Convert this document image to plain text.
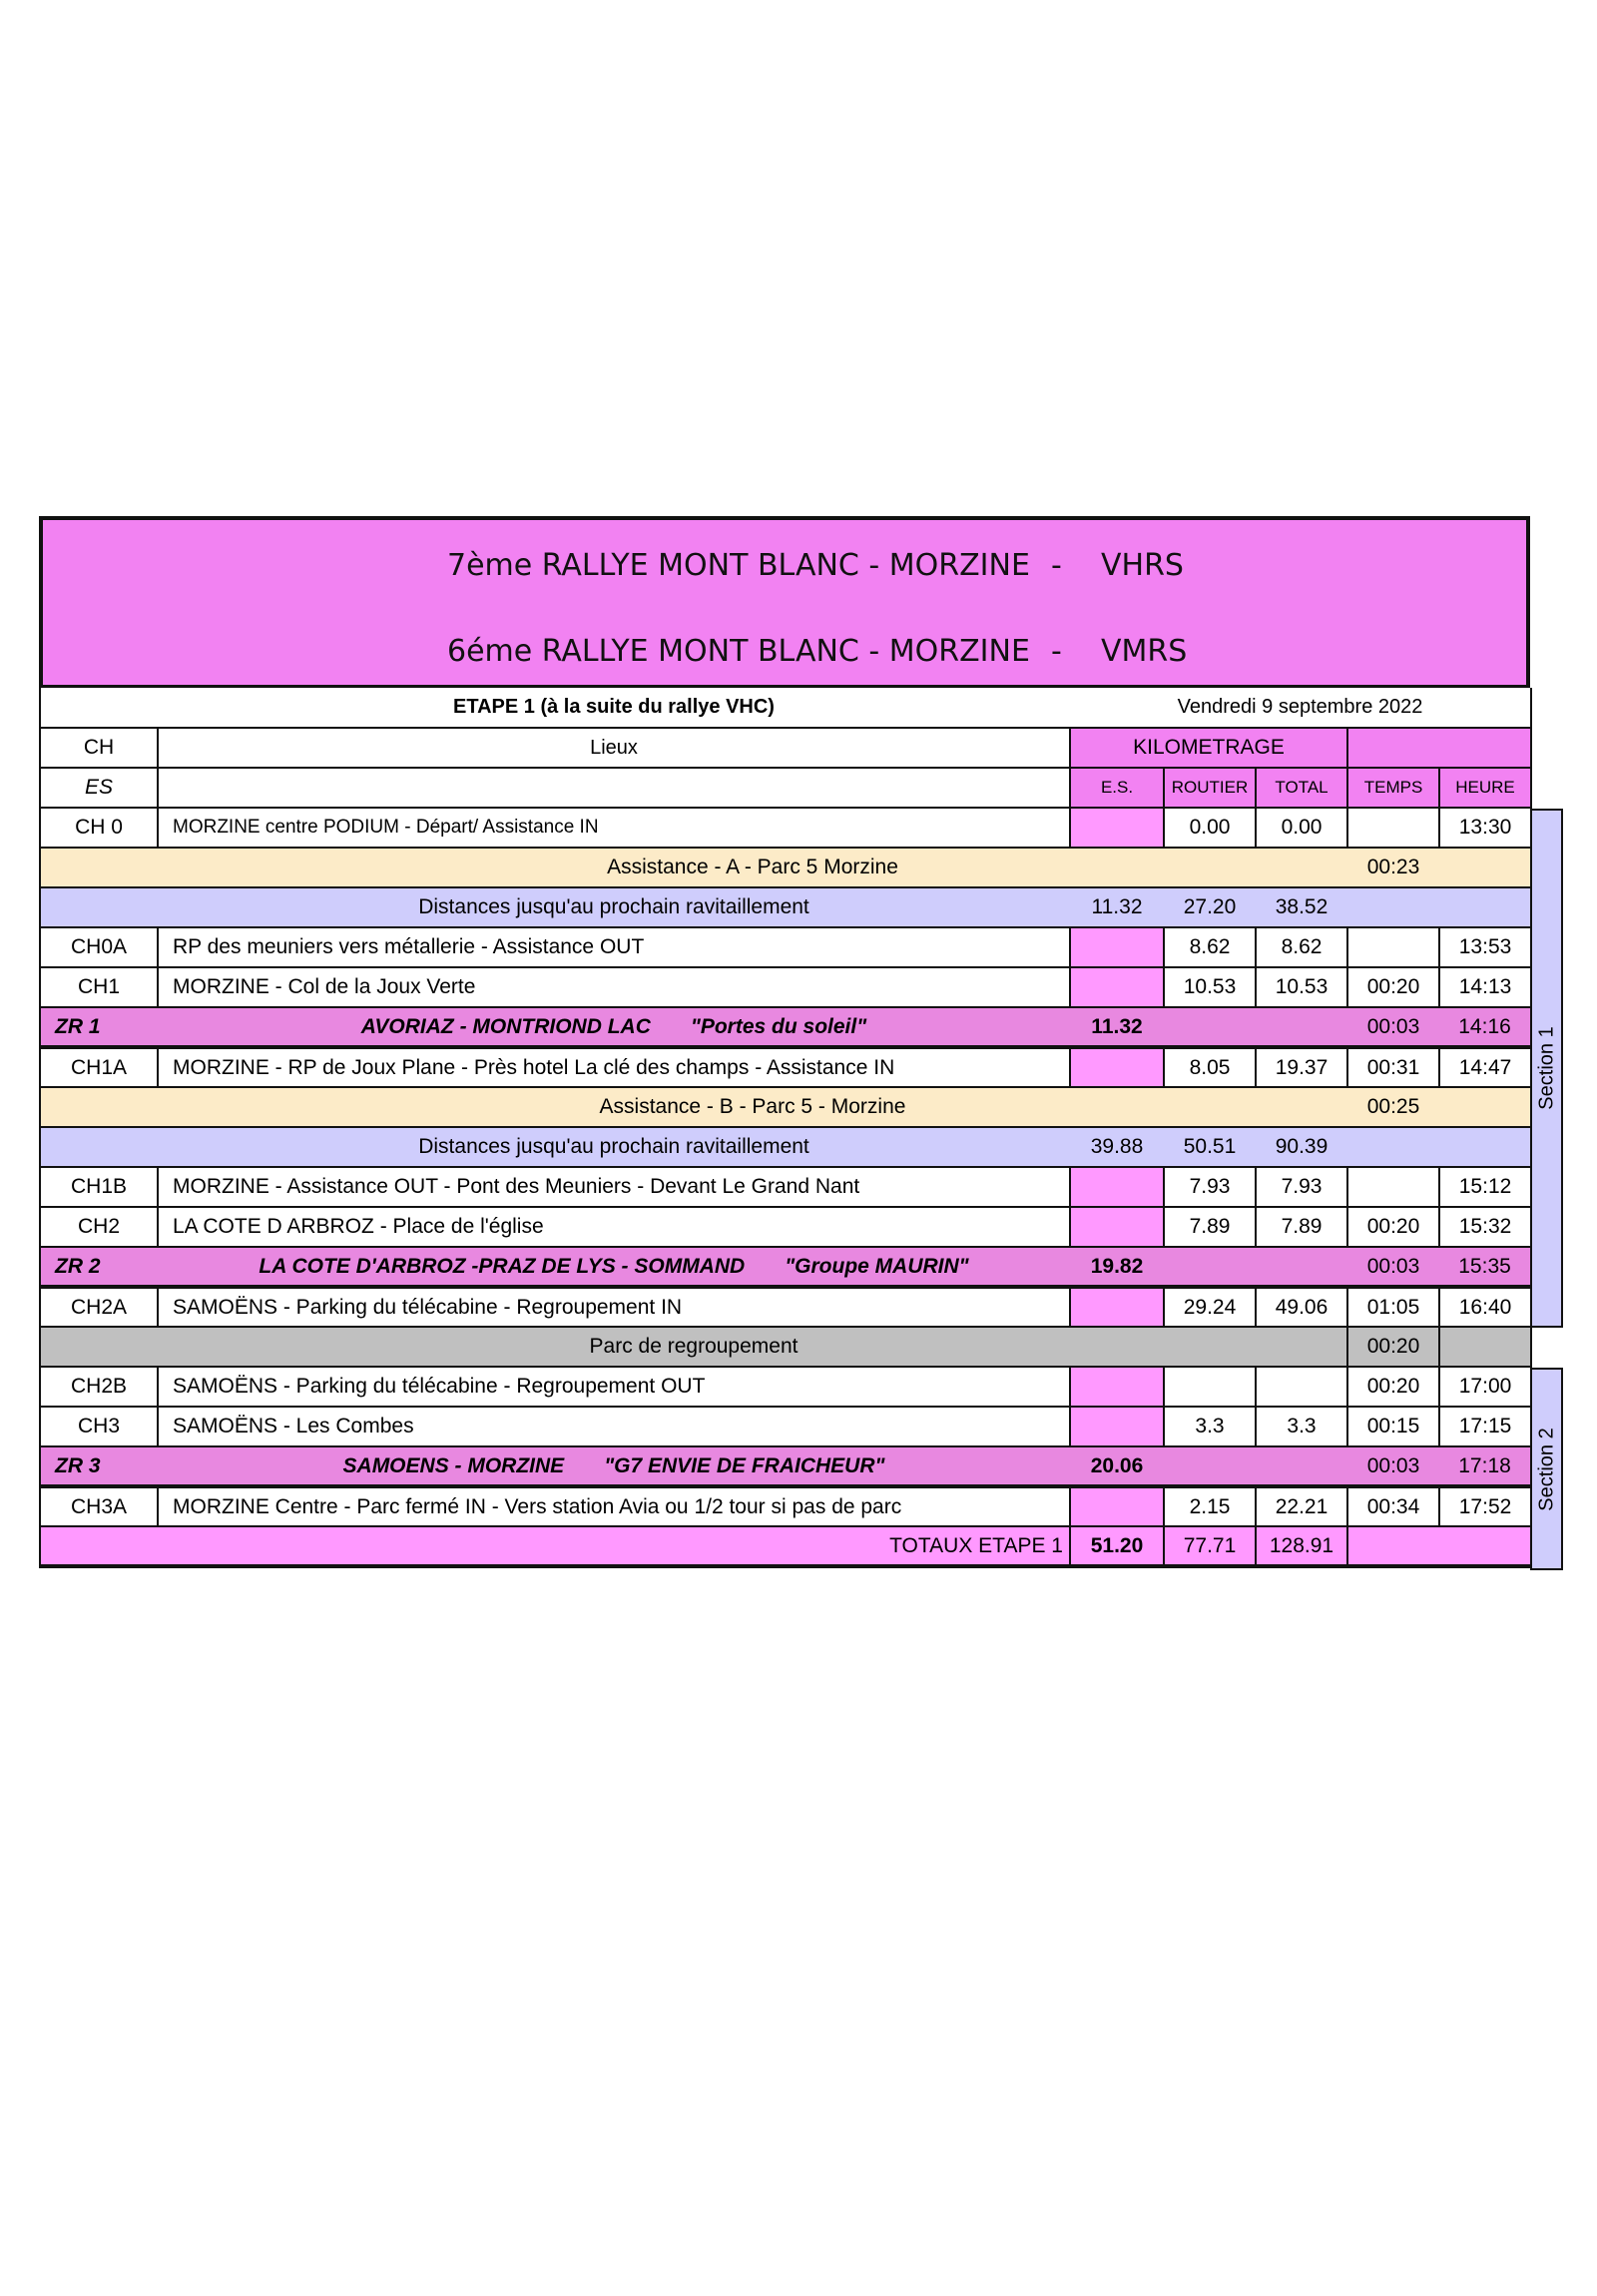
7ème RALLYE MONT BLANC - MORZINE - VHRS
6éme RALLYE MONT BLANC - MORZINE - VMRS
	ETAPE 1 (à la suite du rallye VHC)	Vendredi 9 septembre 2022				
CH	Lieux	KILOMETRAGE				
ES		E.S.	ROUTIER	TOTAL	TEMPS	HEURE
CH 0	MORZINE centre PODIUM - Départ/ Assistance IN		0.00	0.00		13:30
	Assistance - A - Parc 5 Morzine				00:23	
	Distances jusqu'au prochain ravitaillement	11.32	27.20	38.52		
CH0A	RP des meuniers vers métallerie - Assistance OUT		8.62	8.62		13:53
CH1	MORZINE - Col de la Joux Verte		10.53	10.53	00:20	14:13
ZR 1	AVORIAZ - MONTRIOND LAC "Portes du soleil"	11.32			00:03	14:16
CH1A	MORZINE - RP de Joux Plane - Près hotel La clé des champs - Assistance IN		8.05	19.37	00:31	14:47
	Assistance - B - Parc 5 - Morzine				00:25	
	Distances jusqu'au prochain ravitaillement	39.88	50.51	90.39		
CH1B	MORZINE - Assistance OUT - Pont des Meuniers - Devant Le Grand Nant		7.93	7.93		15:12
CH2	LA COTE D ARBROZ - Place de l'église		7.89	7.89	00:20	15:32
ZR 2	LA COTE D'ARBROZ -PRAZ DE LYS - SOMMAND "Groupe MAURIN"	19.82			00:03	15:35
CH2A	SAMOËNS - Parking du télécabine - Regroupement IN		29.24	49.06	01:05	16:40
Parc de regroupement					00:20	
CH2B	SAMOËNS - Parking du télécabine - Regroupement OUT				00:20	17:00
CH3	SAMOËNS - Les Combes		3.3	3.3	00:15	17:15
ZR 3	SAMOENS - MORZINE "G7 ENVIE DE FRAICHEUR"	20.06			00:03	17:18
CH3A	MORZINE Centre - Parc fermé IN - Vers station Avia ou 1/2 tour si pas de parc		2.15	22.21	00:34	17:52
TOTAUX ETAPE 1		51.20	77.71	128.91		
Section 1
Section 2
